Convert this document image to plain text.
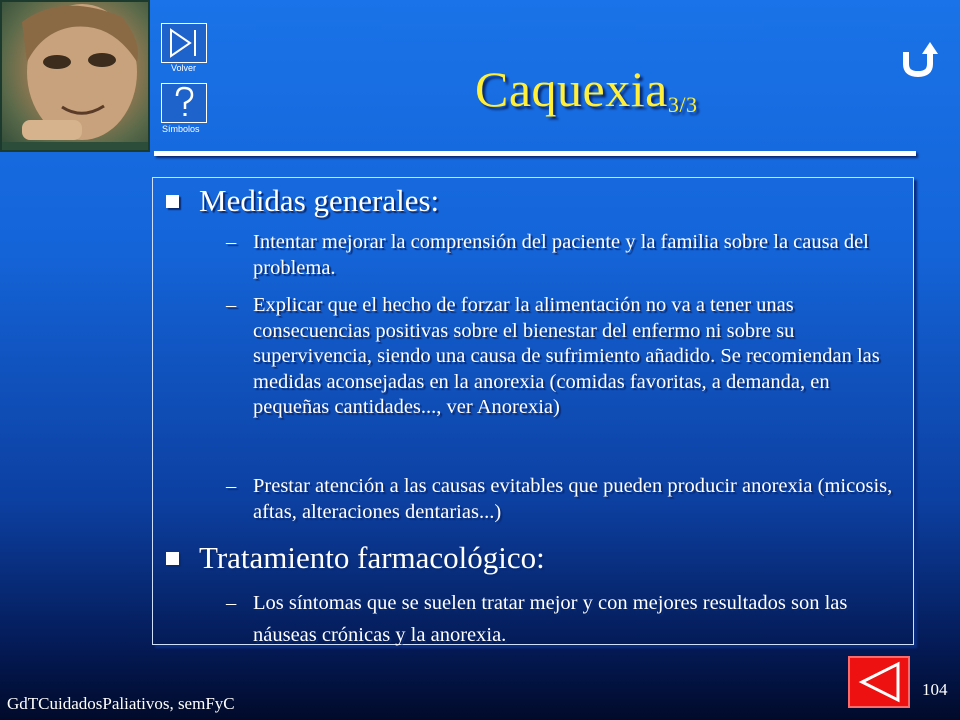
Volver
Símbolos
Caquexia$_{3/3}$
Medidas generales:
– Intentar mejorar la comprensión del paciente y la familia sobre la causa del problema.
– Explicar que el hecho de forzar la alimentación no va a tener unas consecuencias positivas sobre el bienestar del enfermo ni sobre su supervivencia, siendo una causa de sufrimiento añadido. Se recomiendan las medidas aconsejadas en la anorexia (comidas favoritas, a demanda, en pequeñas cantidades..., ver Anorexia)
– Prestar atención a las causas evitables que pueden producir anorexia (micosis, aftas, alteraciones dentarias...)
Tratamiento farmacológico:
– Los síntomas que se suelen tratar mejor y con mejores resultados son las náuseas crónicas y la anorexia.
GdTCuidadosPaliativos, semFyC
104
